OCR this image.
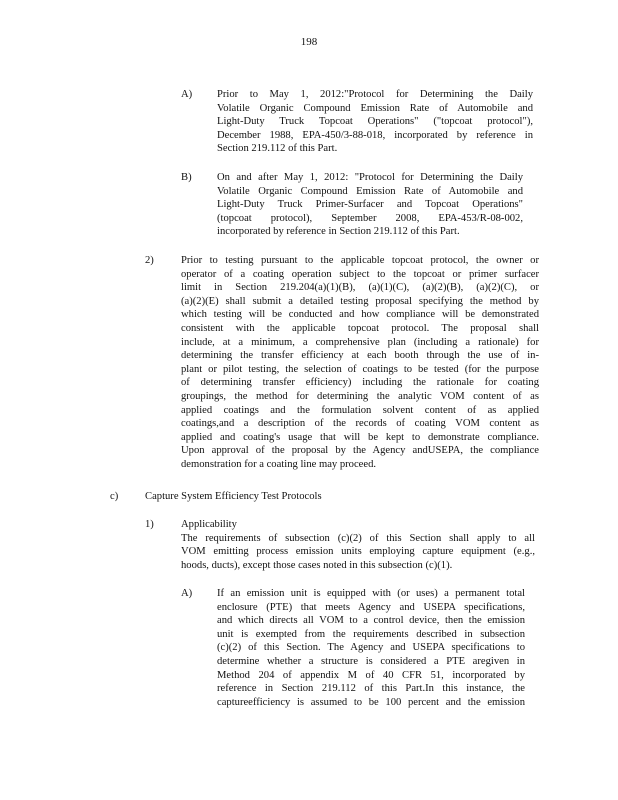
198
A) Prior to May 1, 2012:"Protocol for Determining the Daily
Volatile Organic Compound Emission Rate of Automobile and
Light-Duty Truck Topcoat Operations" ("topcoat protocol"),
December 1988, EPA-450/3-88-018, incorporated by reference in
Section 219.112 of this Part.
B) On and after May 1, 2012: "Protocol for Determining the Daily
Volatile Organic Compound Emission Rate of Automobile and
Light-Duty Truck Primer-Surfacer and Topcoat Operations"
(topcoat protocol), September 2008, EPA-453/R-08-002,
incorporated by reference in Section 219.112 of this Part.
2)	Prior to testing pursuant to the applicable topcoat protocol, the owner or
operator of a coating operation subject to the topcoat or primer surfacer
limit in Section 219.204(a)(1)(B), (a)(1)(C), (a)(2)(B), (a)(2)(C), or
(a)(2)(E) shall submit a detailed testing proposal specifying the method by
which testing will be conducted and how compliance will be demonstrated
consistent with the applicable topcoat protocol. The proposal shall
include, at a minimum, a comprehensive plan (including a rationale) for
determining the transfer efficiency at each booth through the use of in-
plant or pilot testing, the selection of coatings to be tested (for the purpose
of determining transfer efficiency) including the rationale for coating
groupings, the method for determining the analytic VOM content of as
applied coatings and the formulation solvent content of as applied
coatings,and a description of the records of coating VOM content as
applied and coating's usage that will be kept to demonstrate compliance.
Upon approval of the proposal by the Agency andUSEPA, the compliance
demonstration for a coating line may proceed.
c)	Capture System Efficiency Test Protocols
1)	Applicability
The requirements of subsection (c)(2) of this Section shall apply to all
VOM emitting process emission units employing capture equipment (e.g.,
hoods, ducts), except those cases noted in this subsection (c)(1).
A) If an emission unit is equipped with (or uses) a permanent total
enclosure (PTE) that meets Agency and USEPA specifications,
and which directs all VOM to a control device, then the emission
unit is exempted from the requirements described in subsection
(c)(2) of this Section. The Agency and USEPA specifications to
determine whether a structure is considered a PTE aregiven in
Method 204 of appendix M of 40 CFR 51, incorporated by
reference in Section 219.112 of this Part.In this instance, the
captureefficiency is assumed to be 100 percent and the emission
